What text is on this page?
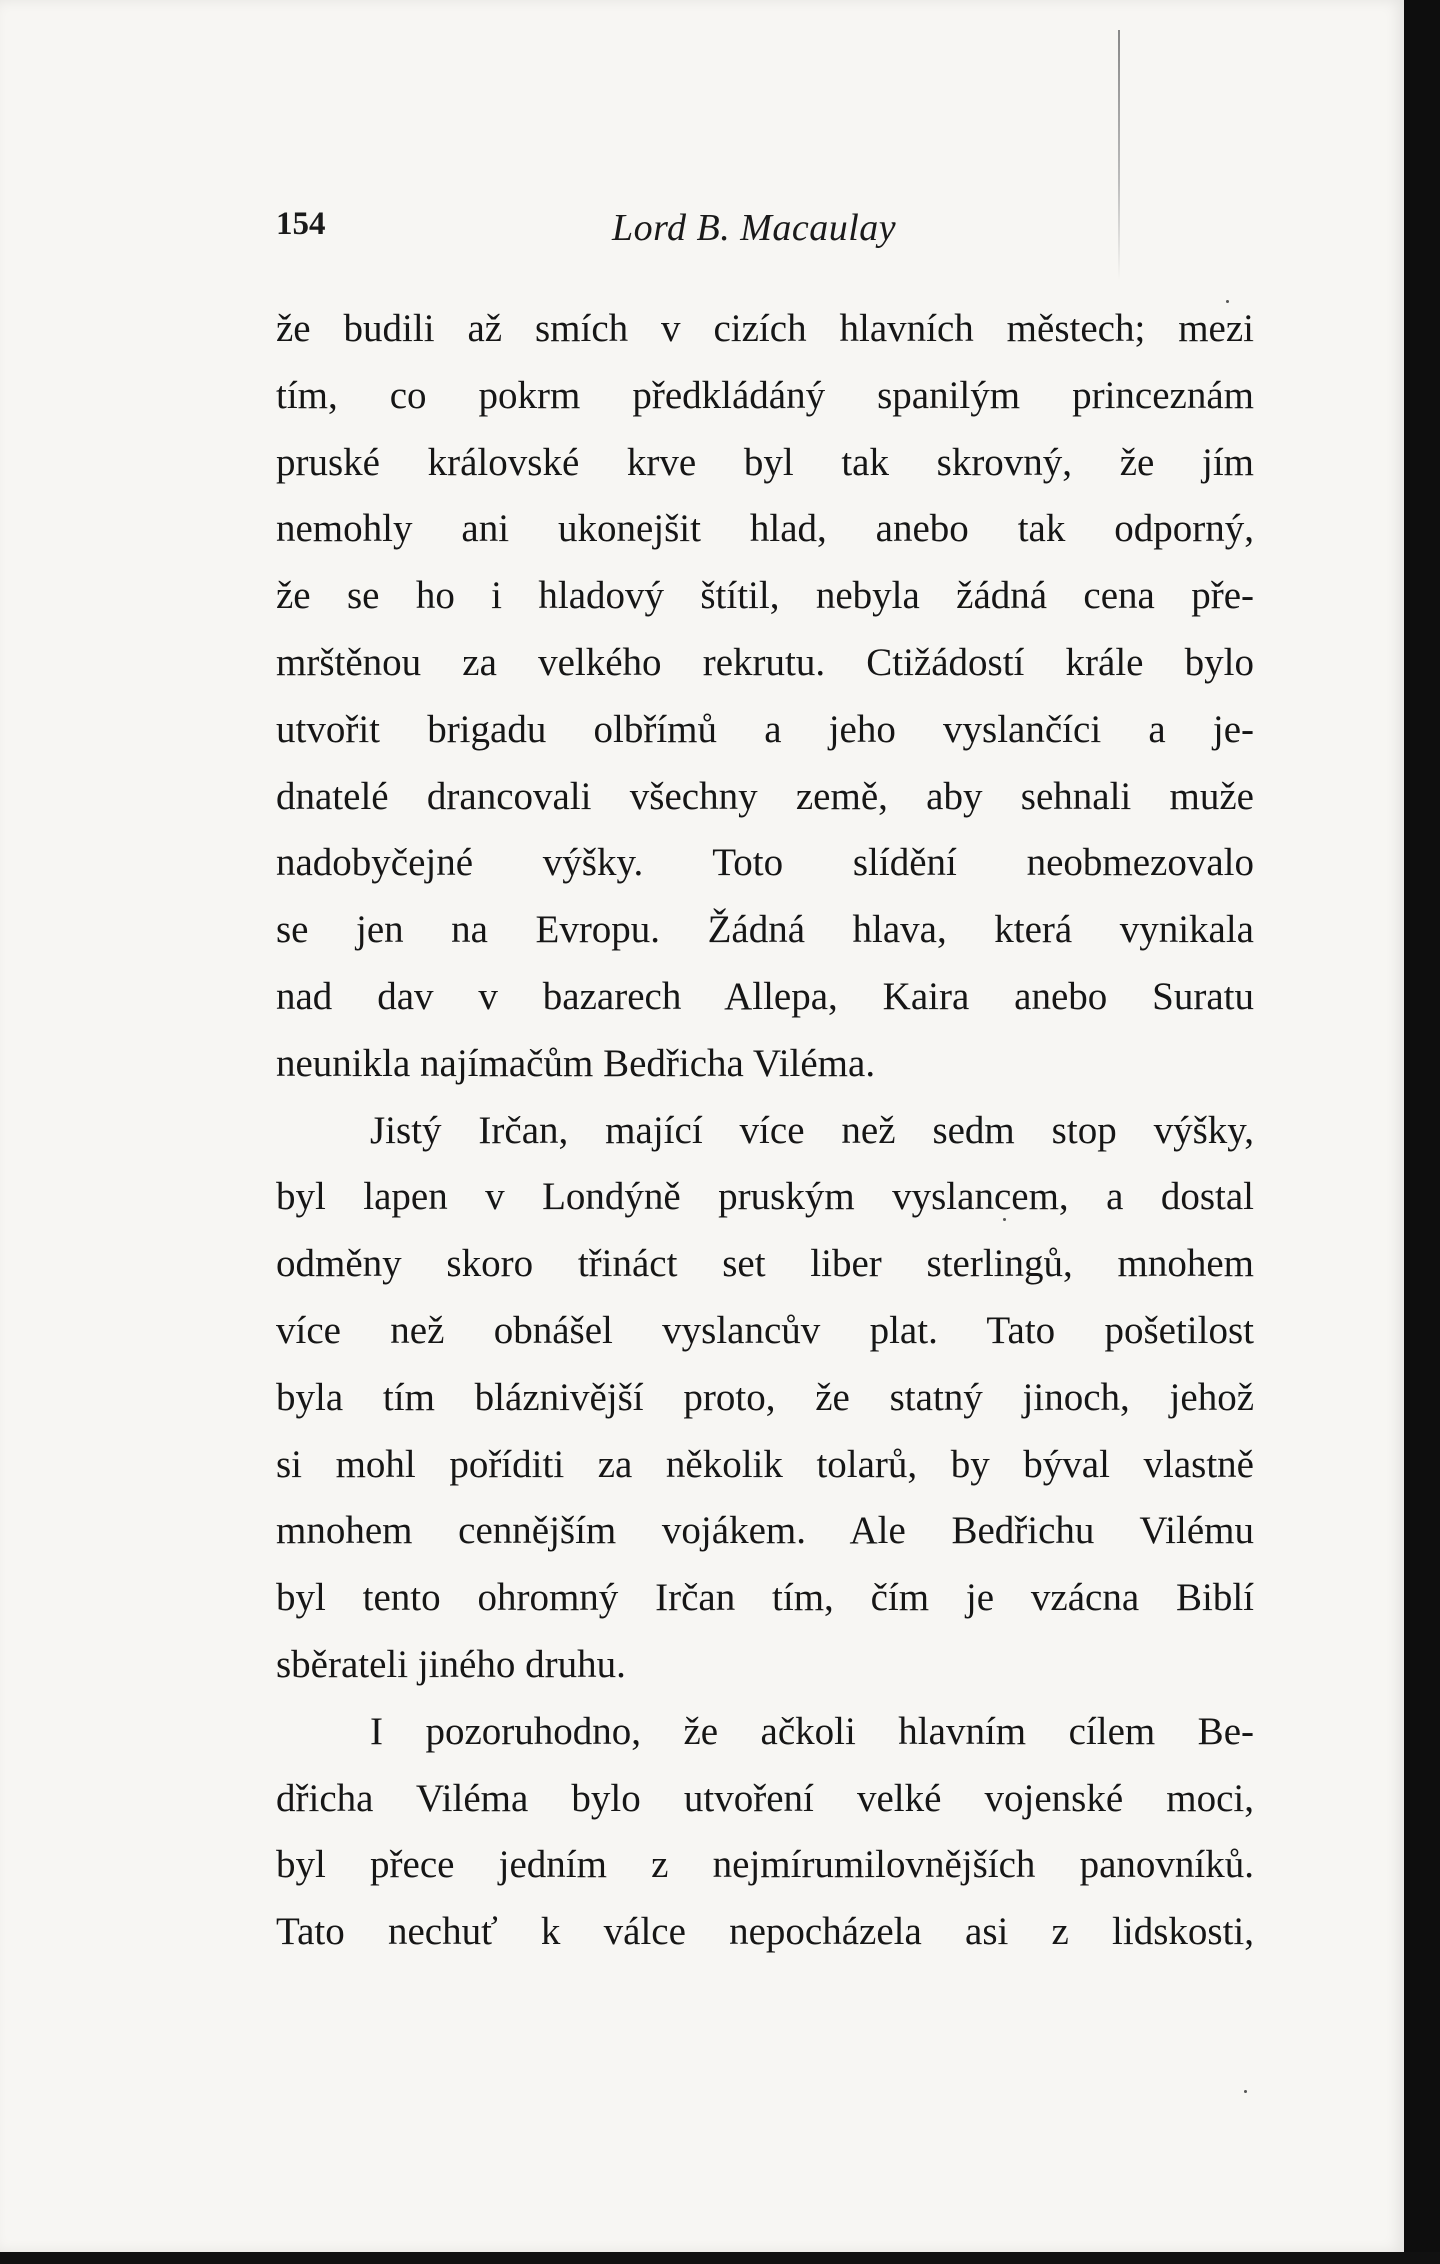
154	Lord B. Macaulay
že budili až smích v cizích hlavních městech; mezi
tím, co pokrm předkládáný spanilým princeznám
pruské královské krve byl tak skrovný, že jím
nemohly ani ukonejšit hlad, anebo tak odporný,
že se ho i hladový štítil, nebyla žádná cena pře-
mrštěnou za velkého rekrutu. Ctižádostí krále bylo
utvořit brigadu olbřímů a jeho vyslančíci a je-
dnatelé drancovali všechny země, aby sehnali muže
nadobyčejné výšky. Toto slídění neobmezovalo
se jen na Evropu. Žádná hlava, která vynikala
nad dav v bazarech Allepa, Kaira anebo Suratu
neunikla najímačům Bedřicha Viléma.
Jistý Irčan, mající více než sedm stop výšky,
byl lapen v Londýně pruským vyslancem, a dostal
odměny skoro třináct set liber sterlingů, mnohem
více než obnášel vyslancův plat. Tato pošetilost
byla tím bláznivější proto, že statný jinoch, jehož
si mohl poříditi za několik tolarů, by býval vlastně
mnohem cennějším vojákem. Ale Bedřichu Vilému
byl tento ohromný Irčan tím, čím je vzácna Biblí
sběrateli jiného druhu.
I pozoruhodno, že ačkoli hlavním cílem Be-
dřicha Viléma bylo utvoření velké vojenské moci,
byl přece jedním z nejmírumilovnějších panovníků.
Tato nechuť k válce nepocházela asi z lidskosti,
